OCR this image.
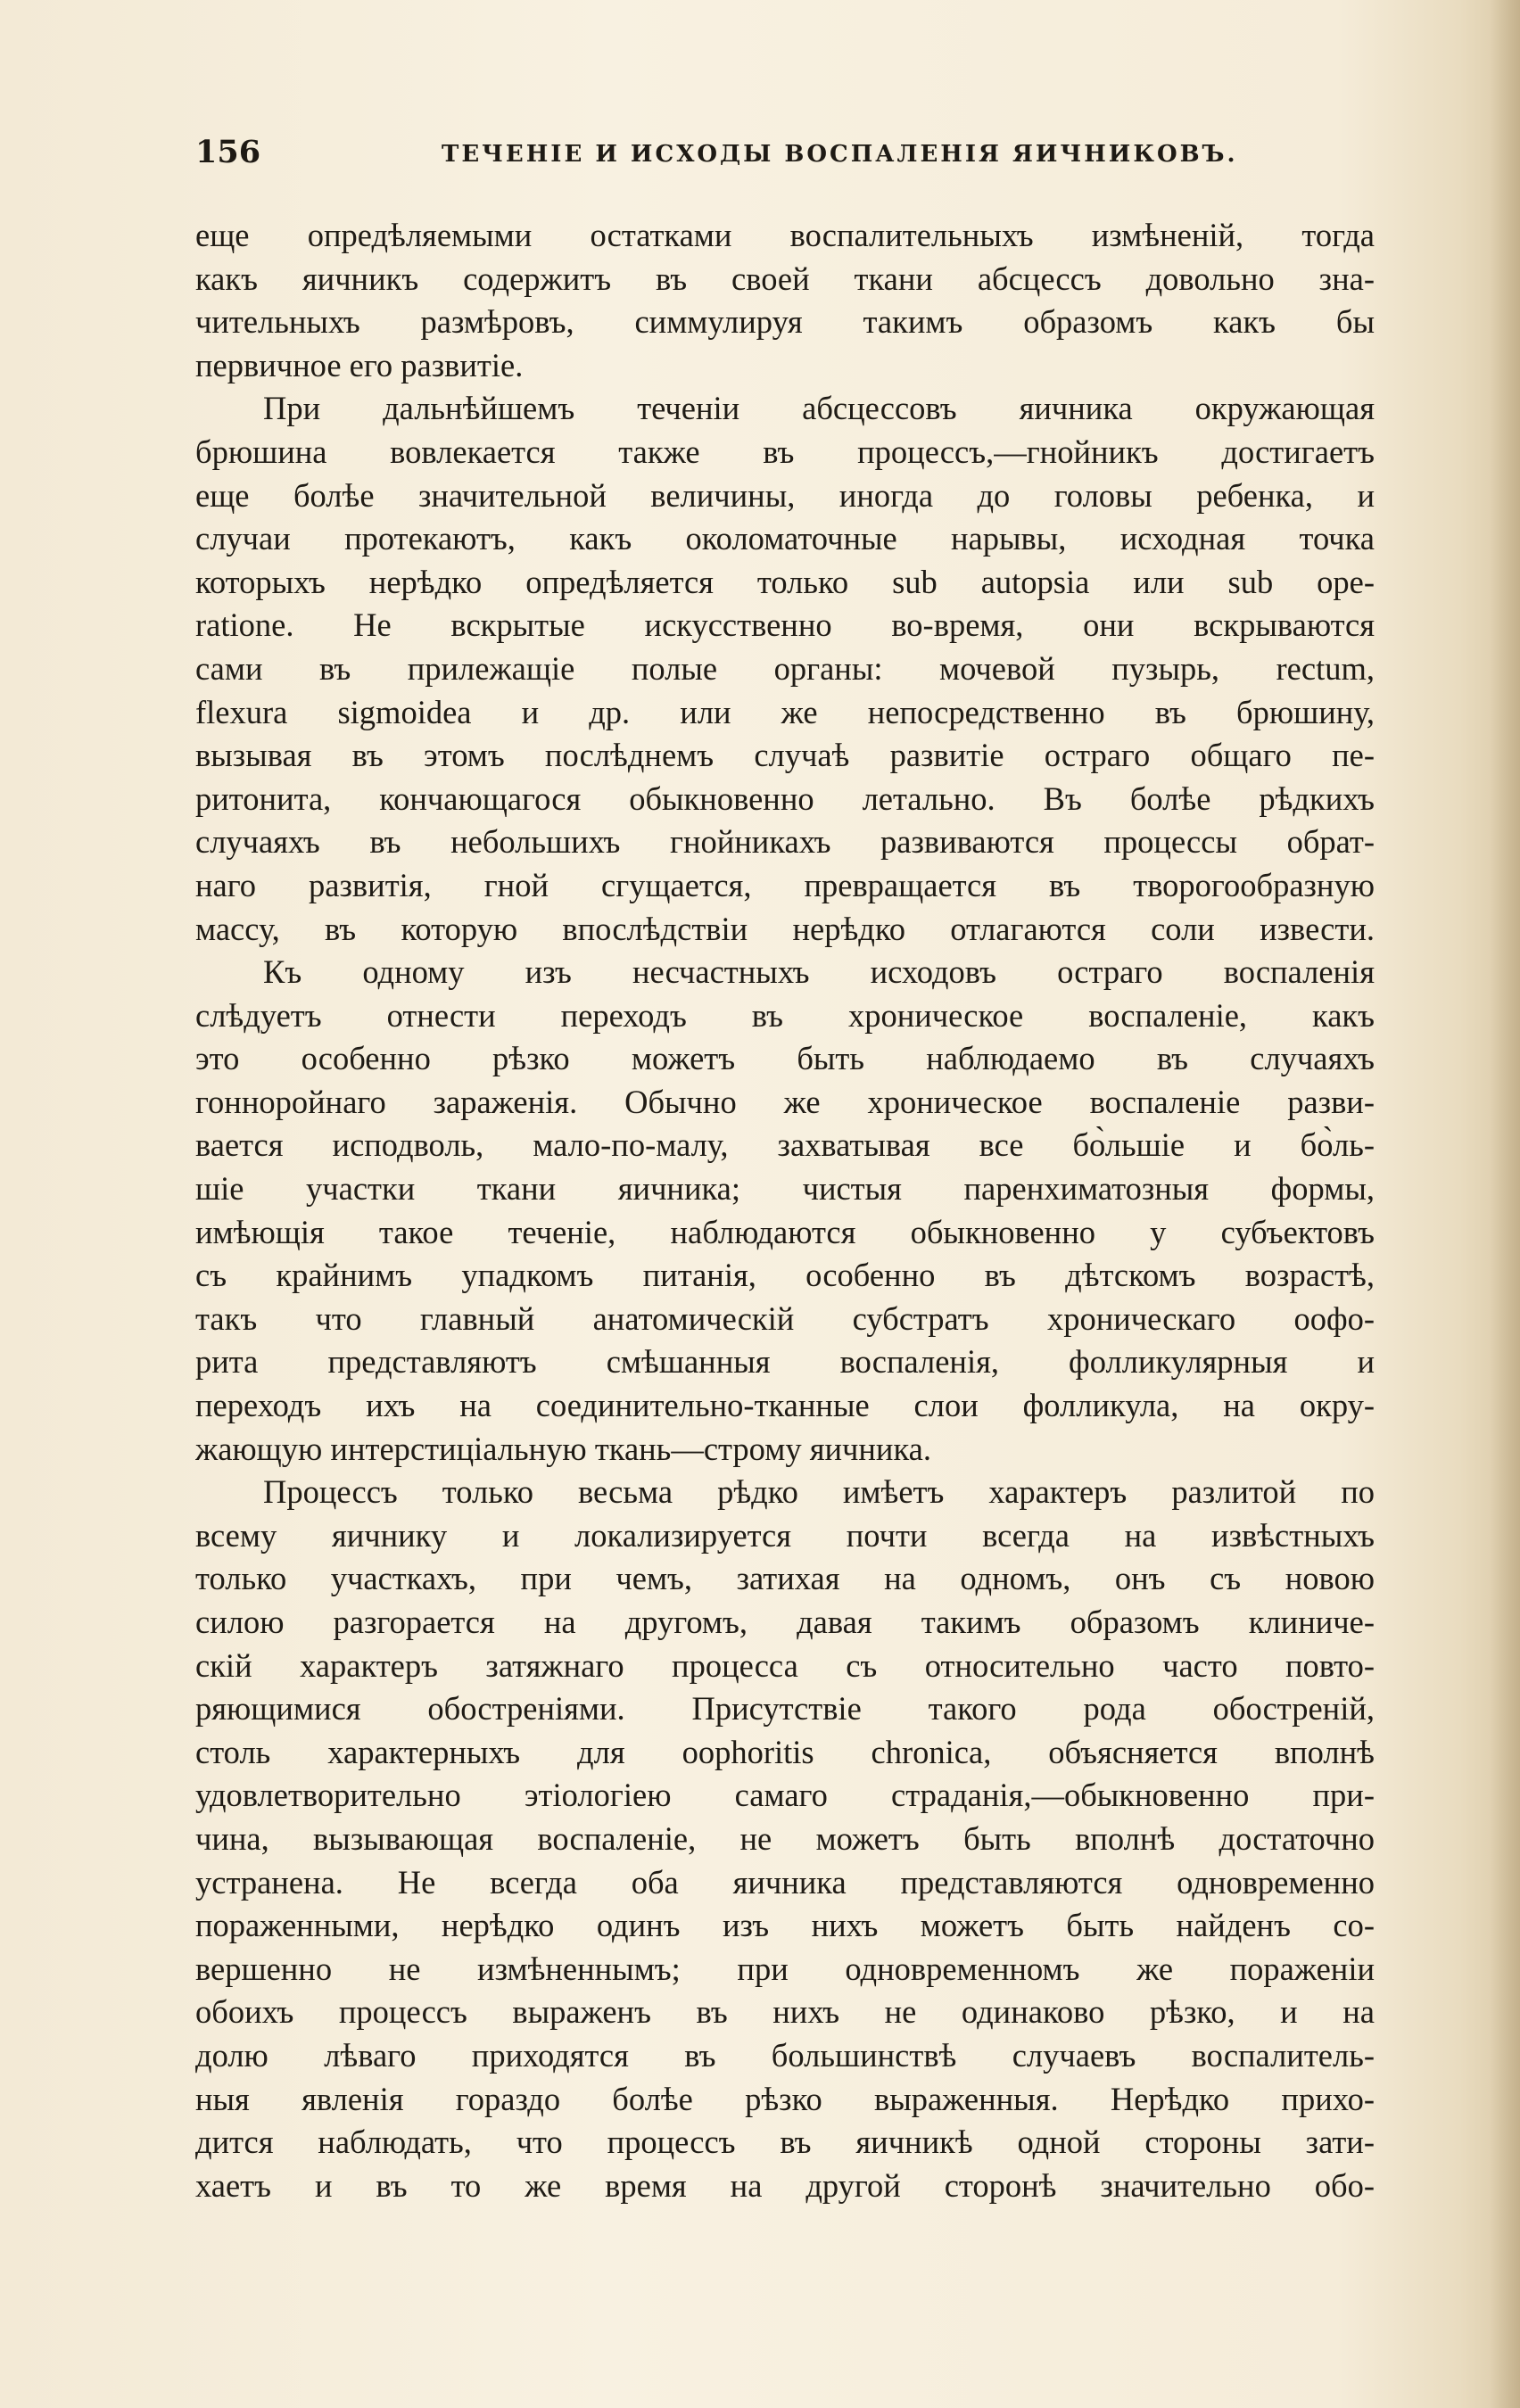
156	ТЕЧЕНІЕ И ИСХОДЫ ВОСПАЛЕНІЯ ЯИЧНИКОВЪ.
еще опредѣляемыми остатками воспалительныхъ измѣненій, тогда
какъ яичникъ содержитъ въ своей ткани абсцессъ довольно зна-
чительныхъ размѣровъ, симмулируя такимъ образомъ какъ бы
первичное его развитіе.
При дальнѣйшемъ теченіи абсцессовъ яичника окружающая
брюшина вовлекается также въ процессъ,—гнойникъ достигаетъ
еще болѣе значительной величины, иногда до головы ребенка, и
случаи протекаютъ, какъ околоматочные нарывы, исходная точка
которыхъ нерѣдко опредѣляется только sub autopsia или sub ope-
ratione. Не вскрытые искусственно во-время, они вскрываются
сами въ прилежащіе полые органы: мочевой пузырь, rectum,
flexura sigmoidea и др. или же непосредственно въ брюшину,
вызывая въ этомъ послѣднемъ случаѣ развитіе остраго общаго пе-
ритонита, кончающагося обыкновенно летально. Въ болѣе рѣдкихъ
случаяхъ въ небольшихъ гнойникахъ развиваются процессы обрат-
наго развитія, гной сгущается, превращается въ творогообразную
массу, въ которую впослѣдствіи нерѣдко отлагаются соли извести.
Къ одному изъ несчастныхъ исходовъ остраго воспаленія
слѣдуетъ отнести переходъ въ хроническое воспаленіе, какъ
это особенно рѣзко можетъ быть наблюдаемо въ случаяхъ
гонноройнаго зараженія. Обычно же хроническое воспаленіе разви-
вается исподволь, мало-по-малу, захватывая все бо̀льшіе и бо̀ль-
шіе участки ткани яичника; чистыя паренхиматозныя формы,
имѣющія такое теченіе, наблюдаются обыкновенно у субъектовъ
съ крайнимъ упадкомъ питанія, особенно въ дѣтскомъ возрастѣ,
такъ что главный анатомическій субстратъ хроническаго оофо-
рита представляютъ смѣшанныя воспаленія, фолликулярныя и
переходъ ихъ на соединительно-тканные слои фолликула, на окру-
жающую интерстиціальную ткань—строму яичника.
Процессъ только весьма рѣдко имѣетъ характеръ разлитой по
всему яичнику и локализируется почти всегда на извѣстныхъ
только участкахъ, при чемъ, затихая на одномъ, онъ съ новою
силою разгорается на другомъ, давая такимъ образомъ клиниче-
скій характеръ затяжнаго процесса съ относительно часто повто-
ряющимися обостреніями. Присутствіе такого рода обостреній,
столь характерныхъ для oophoritis chronica, объясняется вполнѣ
удовлетворительно этіологіею самаго страданія,—обыкновенно при-
чина, вызывающая воспаленіе, не можетъ быть вполнѣ достаточно
устранена. Не всегда оба яичника представляются одновременно
пораженными, нерѣдко одинъ изъ нихъ можетъ быть найденъ со-
вершенно не измѣненнымъ; при одновременномъ же пораженіи
обоихъ процессъ выраженъ въ нихъ не одинаково рѣзко, и на
долю лѣваго приходятся въ большинствѣ случаевъ воспалитель-
ныя явленія гораздо болѣе рѣзко выраженныя. Нерѣдко прихо-
дится наблюдать, что процессъ въ яичникѣ одной стороны зати-
хаетъ и въ то же время на другой сторонѣ значительно обо-
